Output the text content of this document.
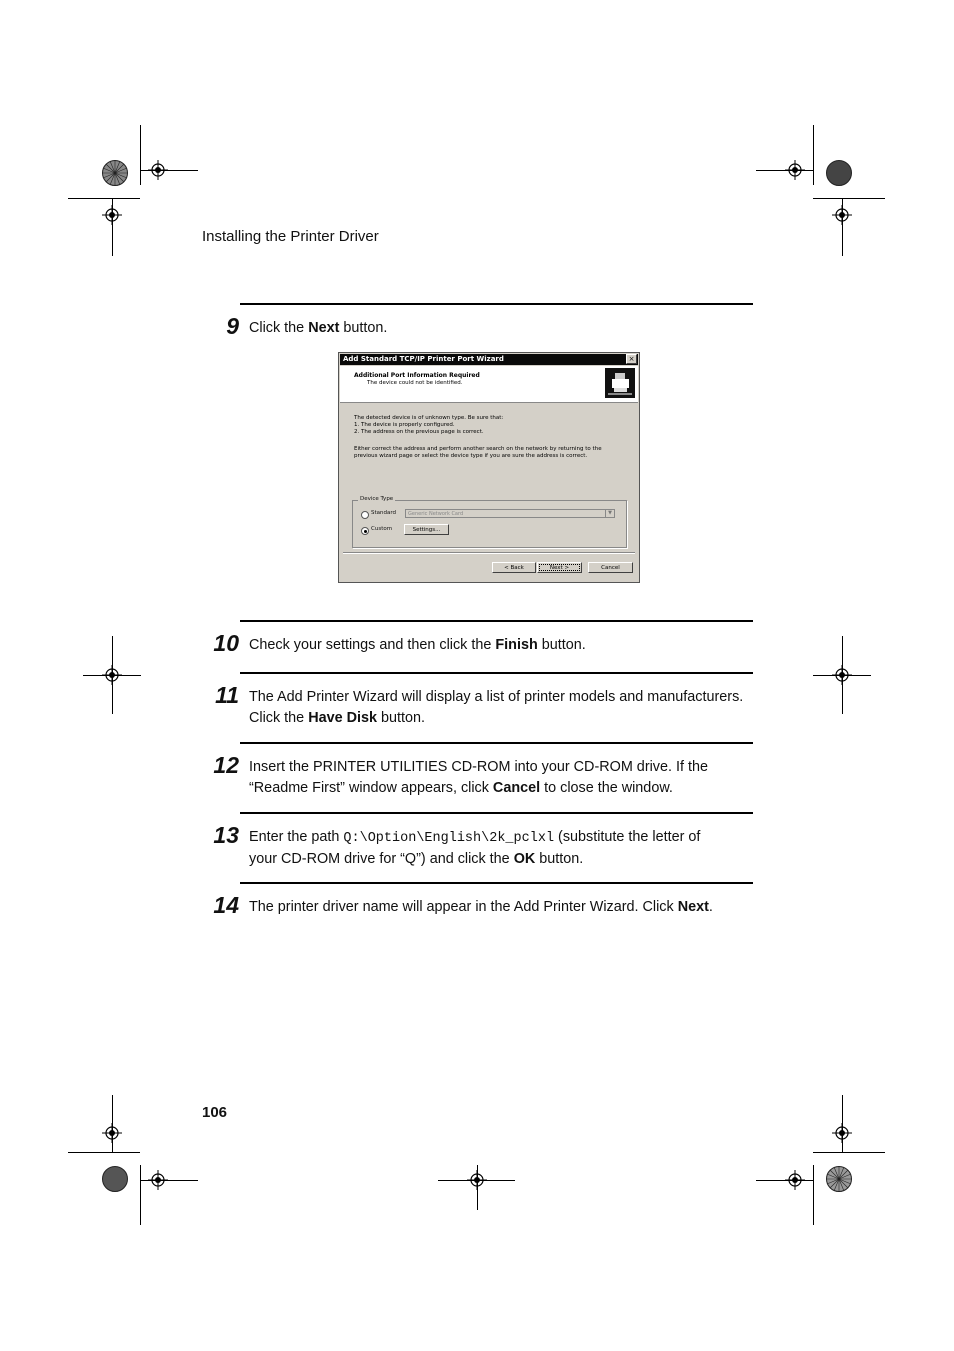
Installing the Printer Driver
9 Click the Next button.
Add Standard TCP/IP Printer Port Wizard	×
Additional Port Information Required
The device could not be identified.
The detected device is of unknown type. Be sure that:
1. The device is properly configured.
2. The address on the previous page is correct.
Either correct the address and perform another search on the network by returning to the
previous wizard page or select the device type if you are sure the address is correct.
Device Type
Standard	Generic Network Card	▼
Custom	Settings...
< Back	Next >	Cancel
10 Check your settings and then click the Finish button.
11 The Add Printer Wizard will display a list of printer models and manufacturers.
Click the Have Disk button.
12 Insert the PRINTER UTILITIES CD-ROM into your CD-ROM drive. If the
“Readme First” window appears, click Cancel to close the window.
13 Enter the path Q:\Option\English\2k_pclxl (substitute the letter of
your CD-ROM drive for “Q”) and click the OK button.
14 The printer driver name will appear in the Add Printer Wizard. Click Next.
106
